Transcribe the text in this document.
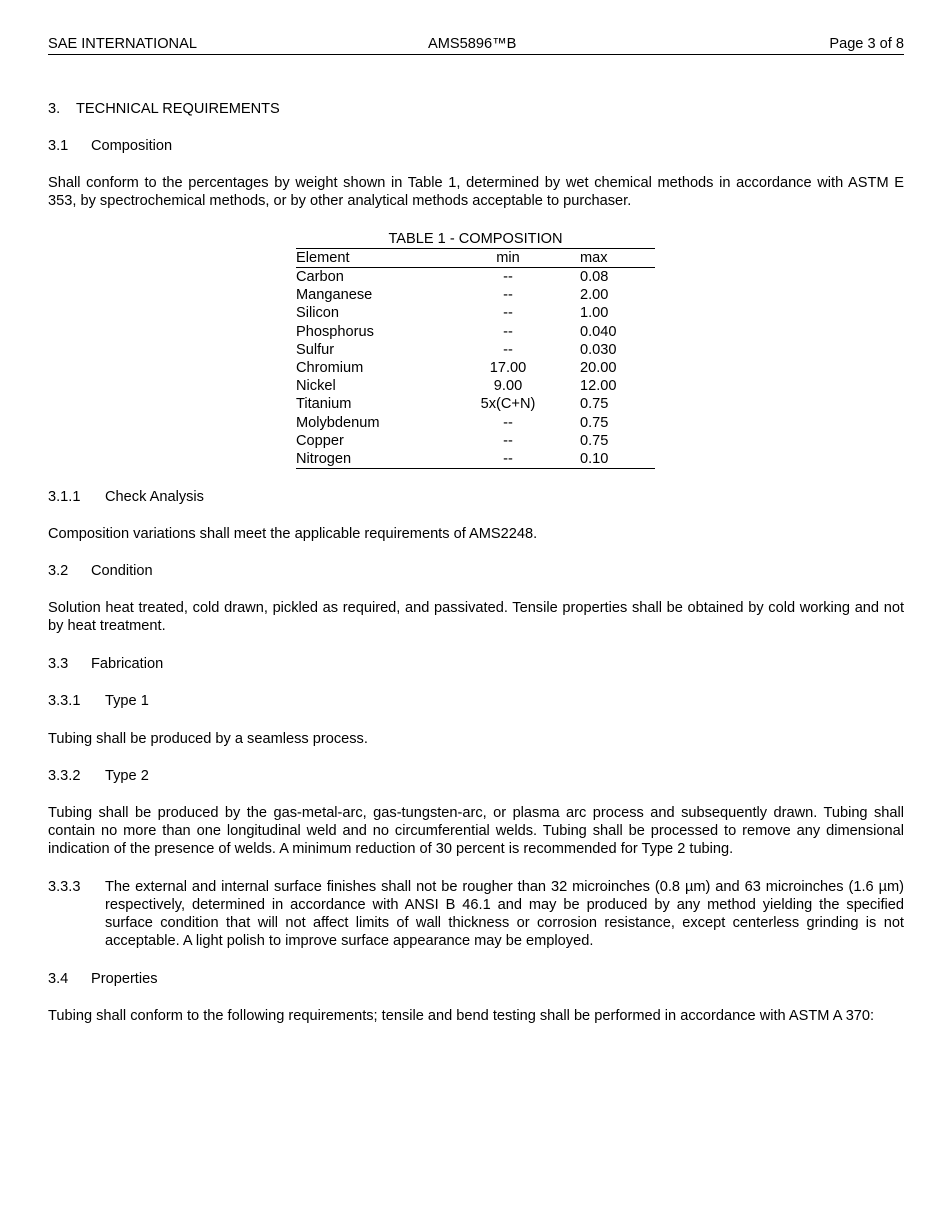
SAE INTERNATIONAL	AMS5896™B	Page 3 of 8
3. TECHNICAL REQUIREMENTS
3.1 Composition
Shall conform to the percentages by weight shown in Table 1, determined by wet chemical methods in accordance with ASTM E 353, by spectrochemical methods, or by other analytical methods acceptable to purchaser.
TABLE 1 - COMPOSITION
Element	min	max
Carbon	--	0.08
Manganese	--	2.00
Silicon	--	1.00
Phosphorus	--	0.040
Sulfur	--	0.030
Chromium	17.00	20.00
Nickel	9.00	12.00
Titanium	5x(C+N)	0.75
Molybdenum	--	0.75
Copper	--	0.75
Nitrogen	--	0.10
3.1.1 Check Analysis
Composition variations shall meet the applicable requirements of AMS2248.
3.2 Condition
Solution heat treated, cold drawn, pickled as required, and passivated. Tensile properties shall be obtained by cold working and not by heat treatment.
3.3 Fabrication
3.3.1 Type 1
Tubing shall be produced by a seamless process.
3.3.2 Type 2
Tubing shall be produced by the gas-metal-arc, gas-tungsten-arc, or plasma arc process and subsequently drawn. Tubing shall contain no more than one longitudinal weld and no circumferential welds. Tubing shall be processed to remove any dimensional indication of the presence of welds. A minimum reduction of 30 percent is recommended for Type 2 tubing.
3.3.3 The external and internal surface finishes shall not be rougher than 32 microinches (0.8 µm) and 63 microinches (1.6 µm) respectively, determined in accordance with ANSI B 46.1 and may be produced by any method yielding the specified surface condition that will not affect limits of wall thickness or corrosion resistance, except centerless grinding is not acceptable. A light polish to improve surface appearance may be employed.
3.4 Properties
Tubing shall conform to the following requirements; tensile and bend testing shall be performed in accordance with ASTM A 370:
